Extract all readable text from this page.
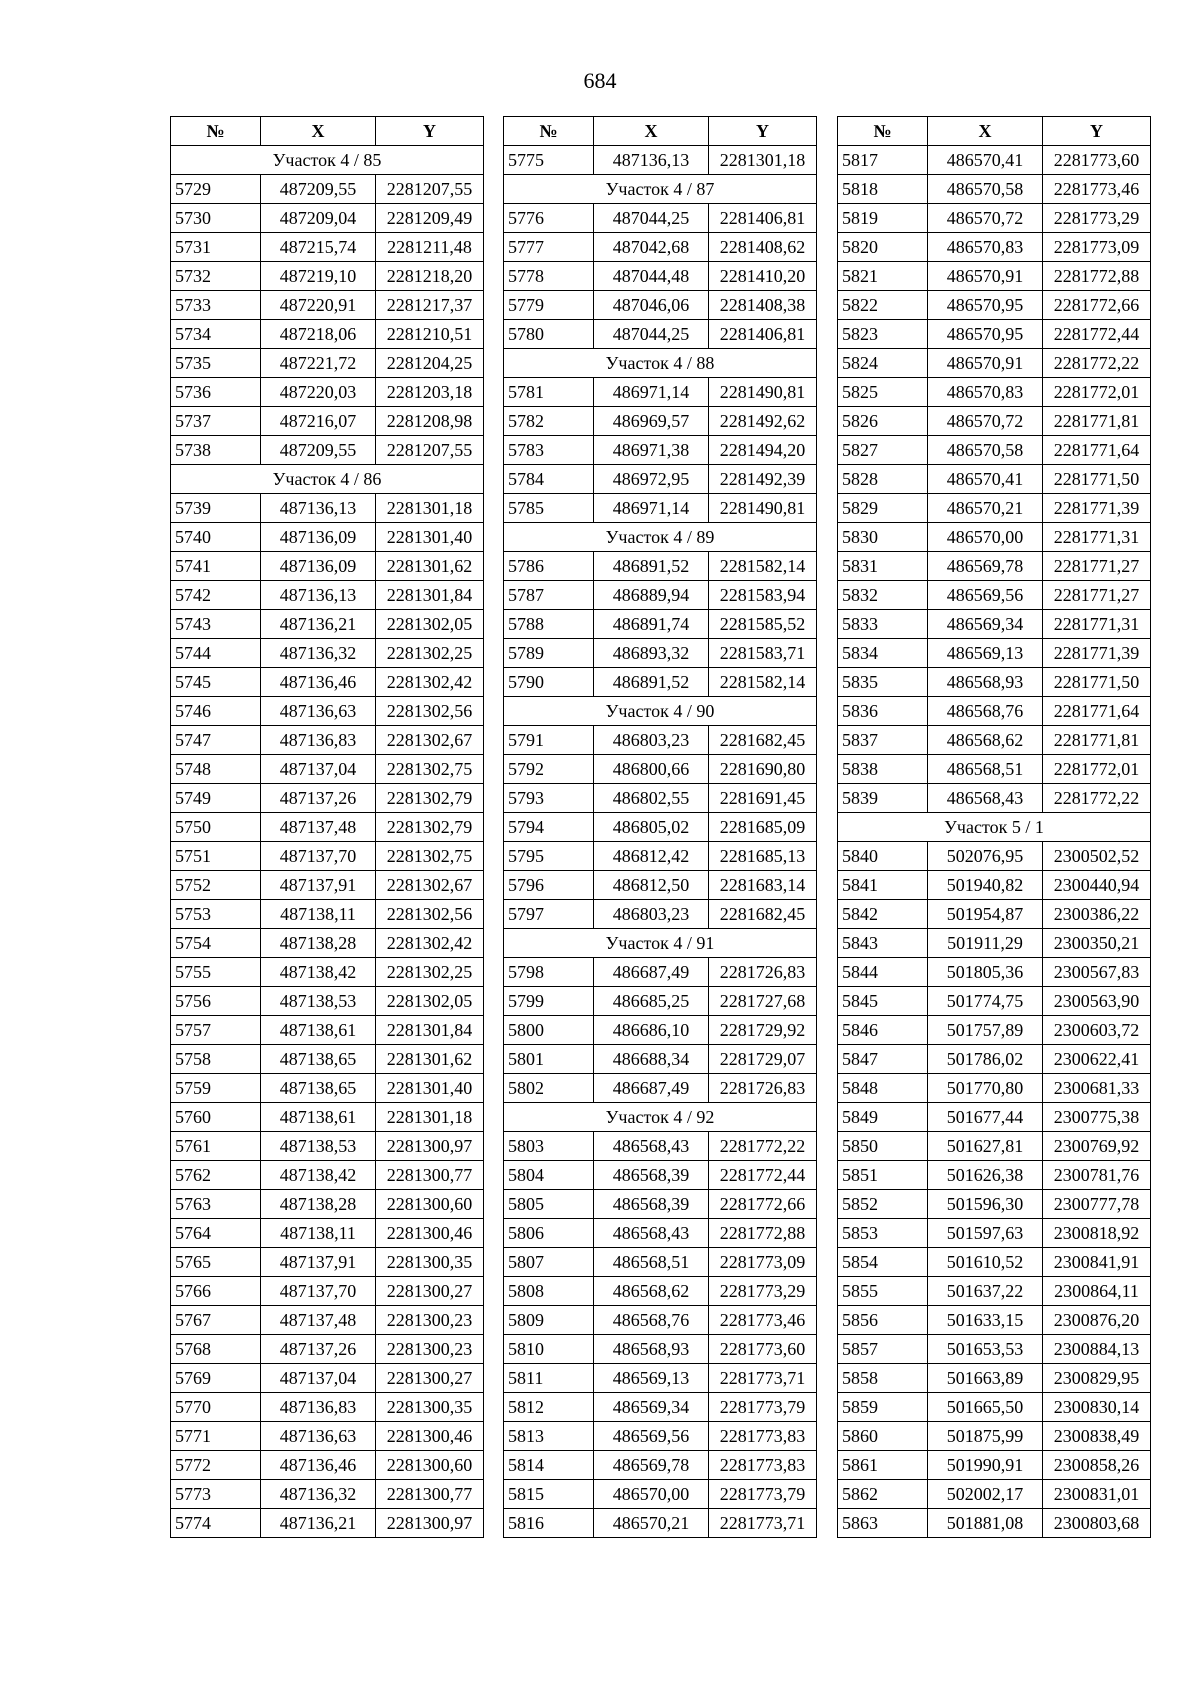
684
№	X	Y
Участок 4 / 85		
5729	487209,55	2281207,55
5730	487209,04	2281209,49
5731	487215,74	2281211,48
5732	487219,10	2281218,20
5733	487220,91	2281217,37
5734	487218,06	2281210,51
5735	487221,72	2281204,25
5736	487220,03	2281203,18
5737	487216,07	2281208,98
5738	487209,55	2281207,55
Участок 4 / 86		
5739	487136,13	2281301,18
5740	487136,09	2281301,40
5741	487136,09	2281301,62
5742	487136,13	2281301,84
5743	487136,21	2281302,05
5744	487136,32	2281302,25
5745	487136,46	2281302,42
5746	487136,63	2281302,56
5747	487136,83	2281302,67
5748	487137,04	2281302,75
5749	487137,26	2281302,79
5750	487137,48	2281302,79
5751	487137,70	2281302,75
5752	487137,91	2281302,67
5753	487138,11	2281302,56
5754	487138,28	2281302,42
5755	487138,42	2281302,25
5756	487138,53	2281302,05
5757	487138,61	2281301,84
5758	487138,65	2281301,62
5759	487138,65	2281301,40
5760	487138,61	2281301,18
5761	487138,53	2281300,97
5762	487138,42	2281300,77
5763	487138,28	2281300,60
5764	487138,11	2281300,46
5765	487137,91	2281300,35
5766	487137,70	2281300,27
5767	487137,48	2281300,23
5768	487137,26	2281300,23
5769	487137,04	2281300,27
5770	487136,83	2281300,35
5771	487136,63	2281300,46
5772	487136,46	2281300,60
5773	487136,32	2281300,77
5774	487136,21	2281300,97
№	X	Y
5775	487136,13	2281301,18
Участок 4 / 87		
5776	487044,25	2281406,81
5777	487042,68	2281408,62
5778	487044,48	2281410,20
5779	487046,06	2281408,38
5780	487044,25	2281406,81
Участок 4 / 88		
5781	486971,14	2281490,81
5782	486969,57	2281492,62
5783	486971,38	2281494,20
5784	486972,95	2281492,39
5785	486971,14	2281490,81
Участок 4 / 89		
5786	486891,52	2281582,14
5787	486889,94	2281583,94
5788	486891,74	2281585,52
5789	486893,32	2281583,71
5790	486891,52	2281582,14
Участок 4 / 90		
5791	486803,23	2281682,45
5792	486800,66	2281690,80
5793	486802,55	2281691,45
5794	486805,02	2281685,09
5795	486812,42	2281685,13
5796	486812,50	2281683,14
5797	486803,23	2281682,45
Участок 4 / 91		
5798	486687,49	2281726,83
5799	486685,25	2281727,68
5800	486686,10	2281729,92
5801	486688,34	2281729,07
5802	486687,49	2281726,83
Участок 4 / 92		
5803	486568,43	2281772,22
5804	486568,39	2281772,44
5805	486568,39	2281772,66
5806	486568,43	2281772,88
5807	486568,51	2281773,09
5808	486568,62	2281773,29
5809	486568,76	2281773,46
5810	486568,93	2281773,60
5811	486569,13	2281773,71
5812	486569,34	2281773,79
5813	486569,56	2281773,83
5814	486569,78	2281773,83
5815	486570,00	2281773,79
5816	486570,21	2281773,71
№	X	Y
5817	486570,41	2281773,60
5818	486570,58	2281773,46
5819	486570,72	2281773,29
5820	486570,83	2281773,09
5821	486570,91	2281772,88
5822	486570,95	2281772,66
5823	486570,95	2281772,44
5824	486570,91	2281772,22
5825	486570,83	2281772,01
5826	486570,72	2281771,81
5827	486570,58	2281771,64
5828	486570,41	2281771,50
5829	486570,21	2281771,39
5830	486570,00	2281771,31
5831	486569,78	2281771,27
5832	486569,56	2281771,27
5833	486569,34	2281771,31
5834	486569,13	2281771,39
5835	486568,93	2281771,50
5836	486568,76	2281771,64
5837	486568,62	2281771,81
5838	486568,51	2281772,01
5839	486568,43	2281772,22
Участок 5 / 1		
5840	502076,95	2300502,52
5841	501940,82	2300440,94
5842	501954,87	2300386,22
5843	501911,29	2300350,21
5844	501805,36	2300567,83
5845	501774,75	2300563,90
5846	501757,89	2300603,72
5847	501786,02	2300622,41
5848	501770,80	2300681,33
5849	501677,44	2300775,38
5850	501627,81	2300769,92
5851	501626,38	2300781,76
5852	501596,30	2300777,78
5853	501597,63	2300818,92
5854	501610,52	2300841,91
5855	501637,22	2300864,11
5856	501633,15	2300876,20
5857	501653,53	2300884,13
5858	501663,89	2300829,95
5859	501665,50	2300830,14
5860	501875,99	2300838,49
5861	501990,91	2300858,26
5862	502002,17	2300831,01
5863	501881,08	2300803,68
